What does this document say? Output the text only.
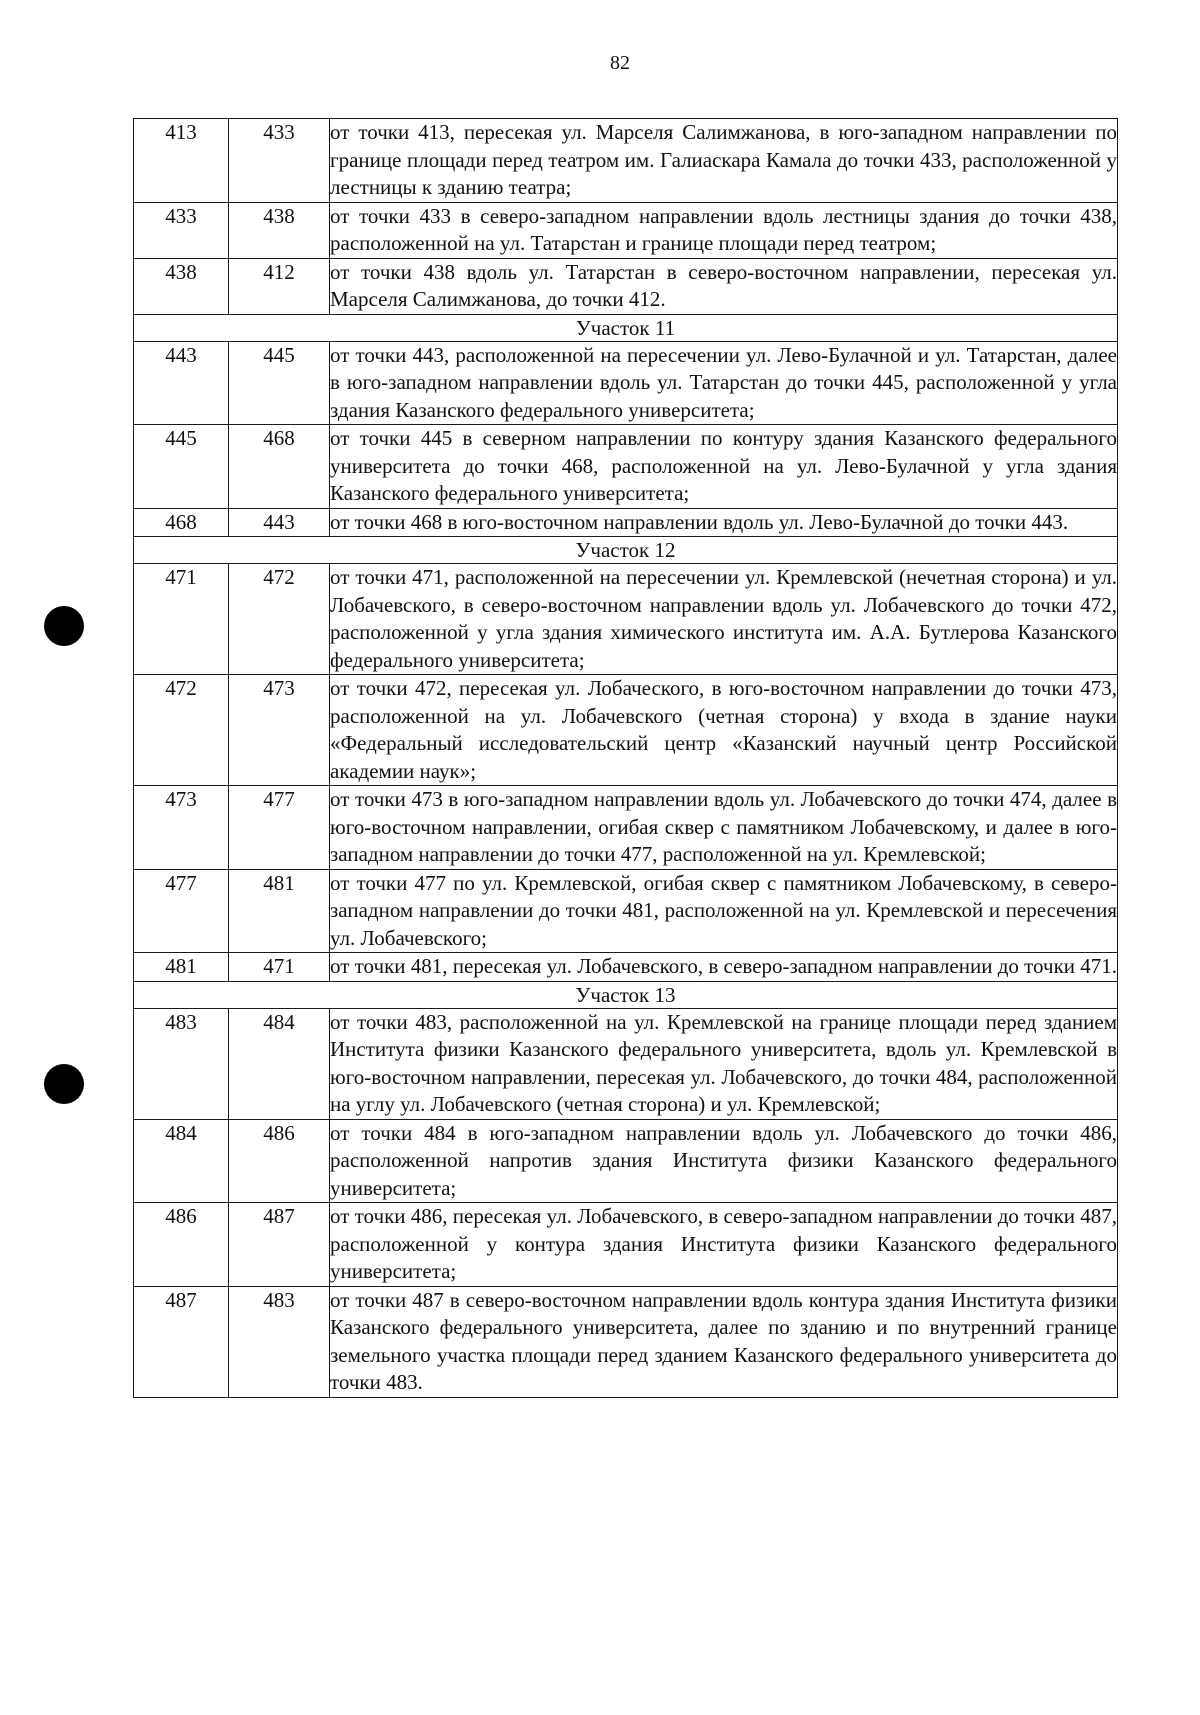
82
413	433	от точки 413, пересекая ул. Марселя Салимжанова, в юго-западном направлении по границе площади перед театром им. Галиаскара Камала до точки 433, расположенной у лестницы к зданию театра;
433	438	от точки 433 в северо-западном направлении вдоль лестницы здания до точки 438, расположенной на ул. Татарстан и границе площади перед театром;
438	412	от точки 438 вдоль ул. Татарстан в северо-восточном направлении, пересекая ул. Марселя Салимжанова, до точки 412.
Участок 11		
443	445	от точки 443, расположенной на пересечении ул. Лево-Булачной и ул. Татарстан, далее в юго-западном направлении вдоль ул. Татарстан до точки 445, расположенной у угла здания Казанского федерального университета;
445	468	от точки 445 в северном направлении по контуру здания Казанского федерального университета до точки 468, расположенной на ул. Лево-Булачной у угла здания Казанского федерального университета;
468	443	от точки 468 в юго-восточном направлении вдоль ул. Лево-Булачной до точки 443.
Участок 12		
471	472	от точки 471, расположенной на пересечении ул. Кремлевской (нечетная сторона) и ул. Лобачевского, в северо-восточном направлении вдоль ул. Лобачевского до точки 472, расположенной у угла здания химического института им. А.А. Бутлерова Казанского федерального университета;
472	473	от точки 472, пересекая ул. Лобаческого, в юго-восточном направлении до точки 473, расположенной на ул. Лобачевского (четная сторона) у входа в здание науки «Федеральный исследовательский центр «Казанский научный центр Российской академии наук»;
473	477	от точки 473 в юго-западном направлении вдоль ул. Лобачевского до точки 474, далее в юго-восточном направлении, огибая сквер с памятником Лобачевскому, и далее в юго-западном направлении до точки 477, расположенной на ул. Кремлевской;
477	481	от точки 477 по ул. Кремлевской, огибая сквер с памятником Лобачевскому, в северо-западном направлении до точки 481, расположенной на ул. Кремлевской и пересечения ул. Лобачевского;
481	471	от точки 481, пересекая ул. Лобачевского, в северо-западном направлении до точки 471.
Участок 13		
483	484	от точки 483, расположенной на ул. Кремлевской на границе площади перед зданием Института физики Казанского федерального университета, вдоль ул. Кремлевской в юго-восточном направлении, пересекая ул. Лобачевского, до точки 484, расположенной на углу ул. Лобачевского (четная сторона) и ул. Кремлевской;
484	486	от точки 484 в юго-западном направлении вдоль ул. Лобачевского до точки 486, расположенной напротив здания Института физики Казанского федерального университета;
486	487	от точки 486, пересекая ул. Лобачевского, в северо-западном направлении до точки 487, расположенной у контура здания Института физики Казанского федерального университета;
487	483	от точки 487 в северо-восточном направлении вдоль контура здания Института физики Казанского федерального университета, далее по зданию и по внутренний границе земельного участка площади перед зданием Казанского федерального университета до точки 483.
